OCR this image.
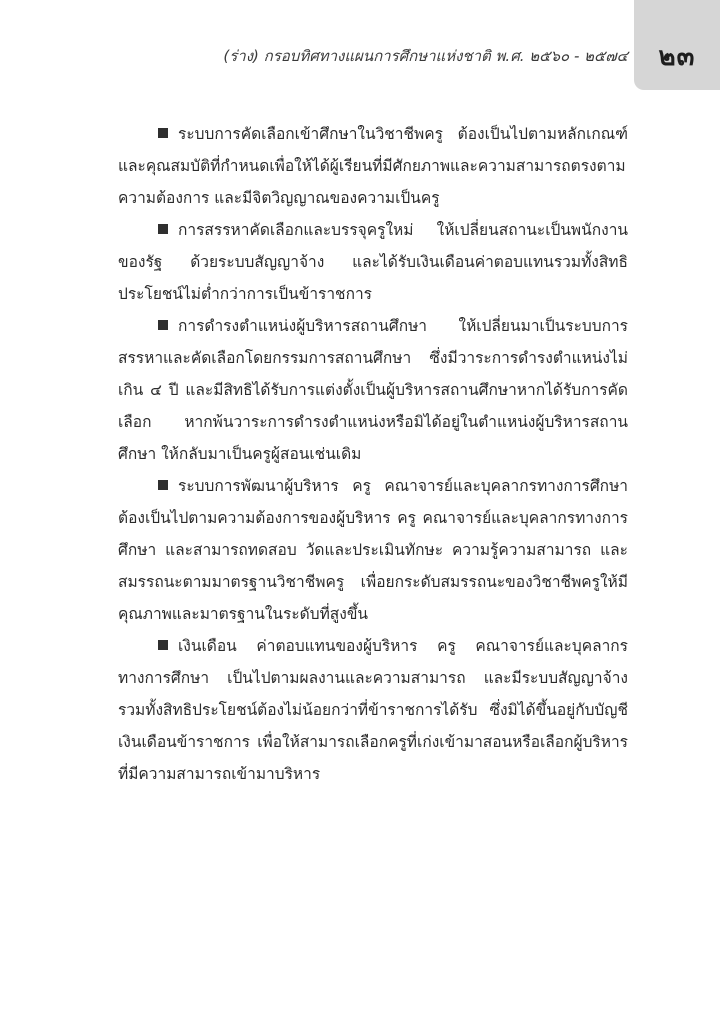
(ร่าง) กรอบทิศทางแผนการศึกษาแห่งชาติ พ.ศ. ๒๕๖๐ - ๒๕๗๔	๒๓

ระบบการคัดเลือกเข้าศึกษาในวิชาชีพครู ต้องเป็นไปตามหลักเกณฑ์และคุณสมบัติที่กำหนดเพื่อให้ได้ผู้เรียนที่มีศักยภาพและความสามารถตรงตามความต้องการ และมีจิตวิญญาณของความเป็นครู

การสรรหาคัดเลือกและบรรจุครูใหม่ ให้เปลี่ยนสถานะเป็นพนักงานของรัฐ ด้วยระบบสัญญาจ้าง และได้รับเงินเดือนค่าตอบแทนรวมทั้งสิทธิประโยชน์ไม่ต่ำกว่าการเป็นข้าราชการ

การดำรงตำแหน่งผู้บริหารสถานศึกษา ให้เปลี่ยนมาเป็นระบบการสรรหาและคัดเลือกโดยกรรมการสถานศึกษา ซึ่งมีวาระการดำรงตำแหน่งไม่เกิน ๔ ปี และมีสิทธิได้รับการแต่งตั้งเป็นผู้บริหารสถานศึกษาหากได้รับการคัดเลือก หากพ้นวาระการดำรงตำแหน่งหรือมิได้อยู่ในตำแหน่งผู้บริหารสถานศึกษา ให้กลับมาเป็นครูผู้สอนเช่นเดิม

ระบบการพัฒนาผู้บริหาร ครู คณาจารย์และบุคลากรทางการศึกษา ต้องเป็นไปตามความต้องการของผู้บริหาร ครู คณาจารย์และบุคลากรทางการศึกษา และสามารถทดสอบ วัดและประเมินทักษะ ความรู้ความสามารถ และสมรรถนะตามมาตรฐานวิชาชีพครู เพื่อยกระดับสมรรถนะของวิชาชีพครูให้มีคุณภาพและมาตรฐานในระดับที่สูงขึ้น

เงินเดือน ค่าตอบแทนของผู้บริหาร ครู คณาจารย์และบุคลากรทางการศึกษา เป็นไปตามผลงานและความสามารถ และมีระบบสัญญาจ้าง รวมทั้งสิทธิประโยชน์ต้องไม่น้อยกว่าที่ข้าราชการได้รับ ซึ่งมิได้ขึ้นอยู่กับบัญชีเงินเดือนข้าราชการ เพื่อให้สามารถเลือกครูที่เก่งเข้ามาสอนหรือเลือกผู้บริหารที่มีความสามารถเข้ามาบริหาร
